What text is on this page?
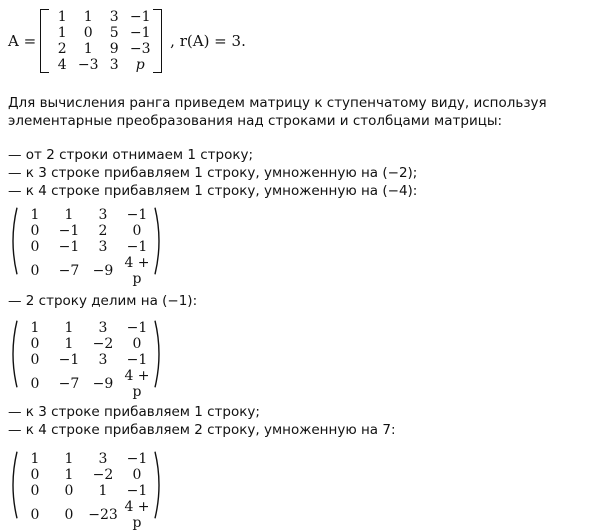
A =
1	1	3	−1
1	0	5	−1
2	1	9	−3
4	−3	3	p
, r(A) = 3.
Для вычисления ранга приведем матрицу к ступенчатому виду, используя элементарные преобразования над строками и столбцами матрицы:
— от 2 строки отнимаем 1 строку;
— к 3 строке прибавляем 1 строку, умноженную на (−2);
— к 4 строке прибавляем 1 строку, умноженную на (−4):
1	1	3	−1
0	−1	2	0
0	−1	3	−1
0	−7	−9	4 + p
— 2 строку делим на (−1):
1	1	3	−1
0	1	−2	0
0	−1	3	−1
0	−7	−9	4 + p
— к 3 строке прибавляем 1 строку;
— к 4 строке прибавляем 2 строку, умноженную на 7:
1	1	3	−1
0	1	−2	0
0	0	1	−1
0	0	−23	4 + p
